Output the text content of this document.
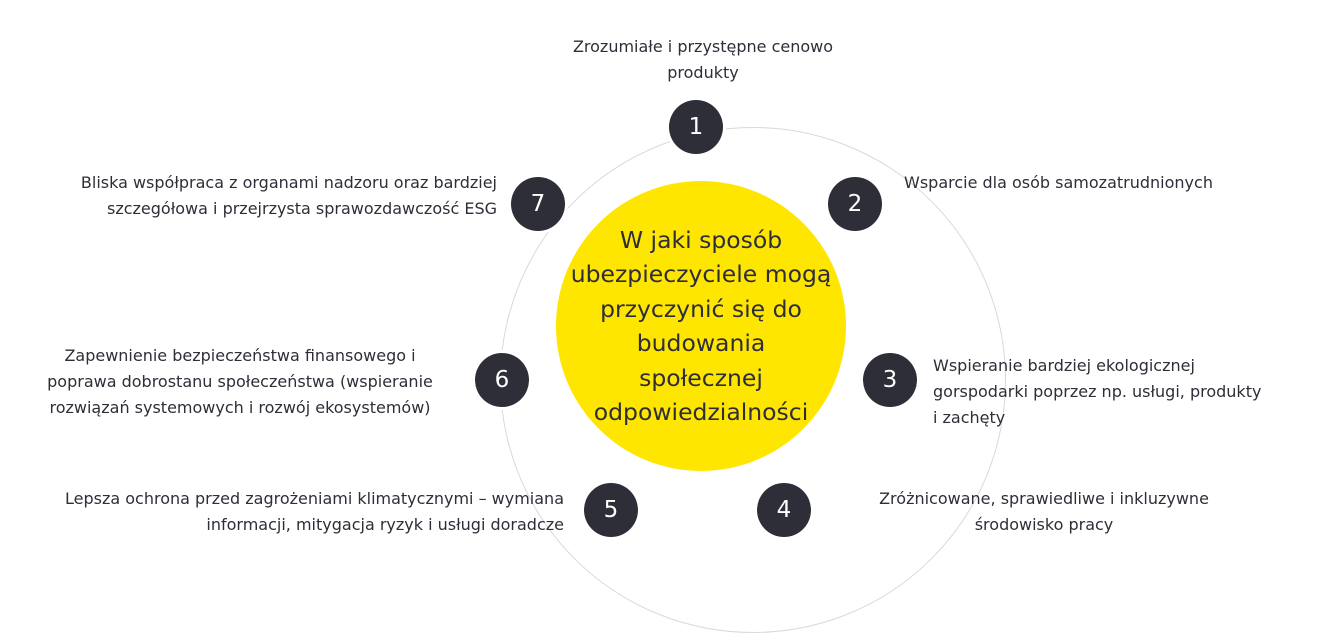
W jaki sposób
ubezpieczyciele mogą
przyczynić się do
budowania
społecznej
odpowiedzialności
1
2
3
4
5
6
7
Zrozumiałe i przystępne cenowo
produkty
Wsparcie dla osób samozatrudnionych
Wspieranie bardziej ekologicznej
gorspodarki poprzez np. usługi, produkty
i zachęty
Zróżnicowane, sprawiedliwe i inkluzywne
środowisko pracy
Lepsza ochrona przed zagrożeniami klimatycznymi – wymiana
informacji, mitygacja ryzyk i usługi doradcze
Zapewnienie bezpieczeństwa finansowego i
poprawa dobrostanu społeczeństwa (wspieranie
rozwiązań systemowych i rozwój ekosystemów)
Bliska współpraca z organami nadzoru oraz bardziej
szczegółowa i przejrzysta sprawozdawczość ESG
